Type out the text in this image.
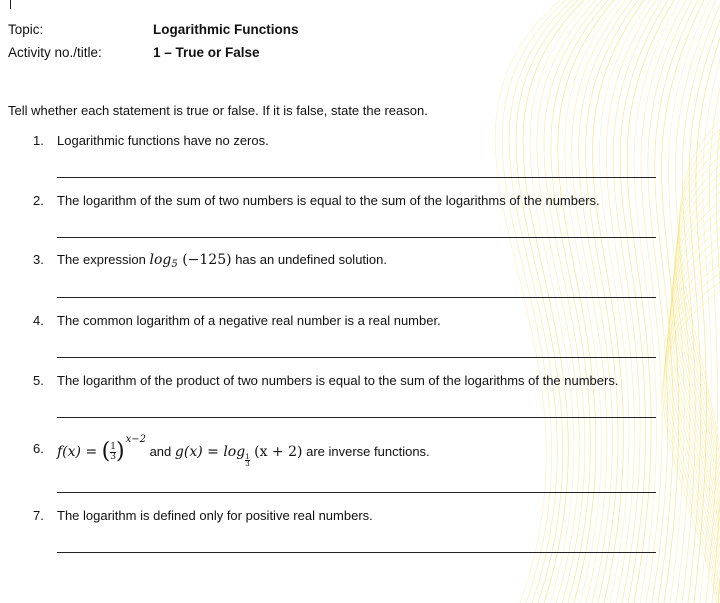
Topic:	Logarithmic Functions
Activity no./title:	1 – True or False
Tell whether each statement is true or false. If it is false, state the reason.
1. Logarithmic functions have no zeros.
2. The logarithm of the sum of two numbers is equal to the sum of the logarithms of the numbers.
3. The expression $\log_5 (-125)$ has an undefined solution.
4. The common logarithm of a negative real number is a real number.
5. The logarithm of the product of two numbers is equal to the sum of the logarithms of the numbers.
6. $f(x) = (\frac{1}{3} )^{x-2}$ and $g(x) = \log\frac{1}{3}$
(x + 2) are inverse functions.
7. The logarithm is defined only for positive real numbers.
